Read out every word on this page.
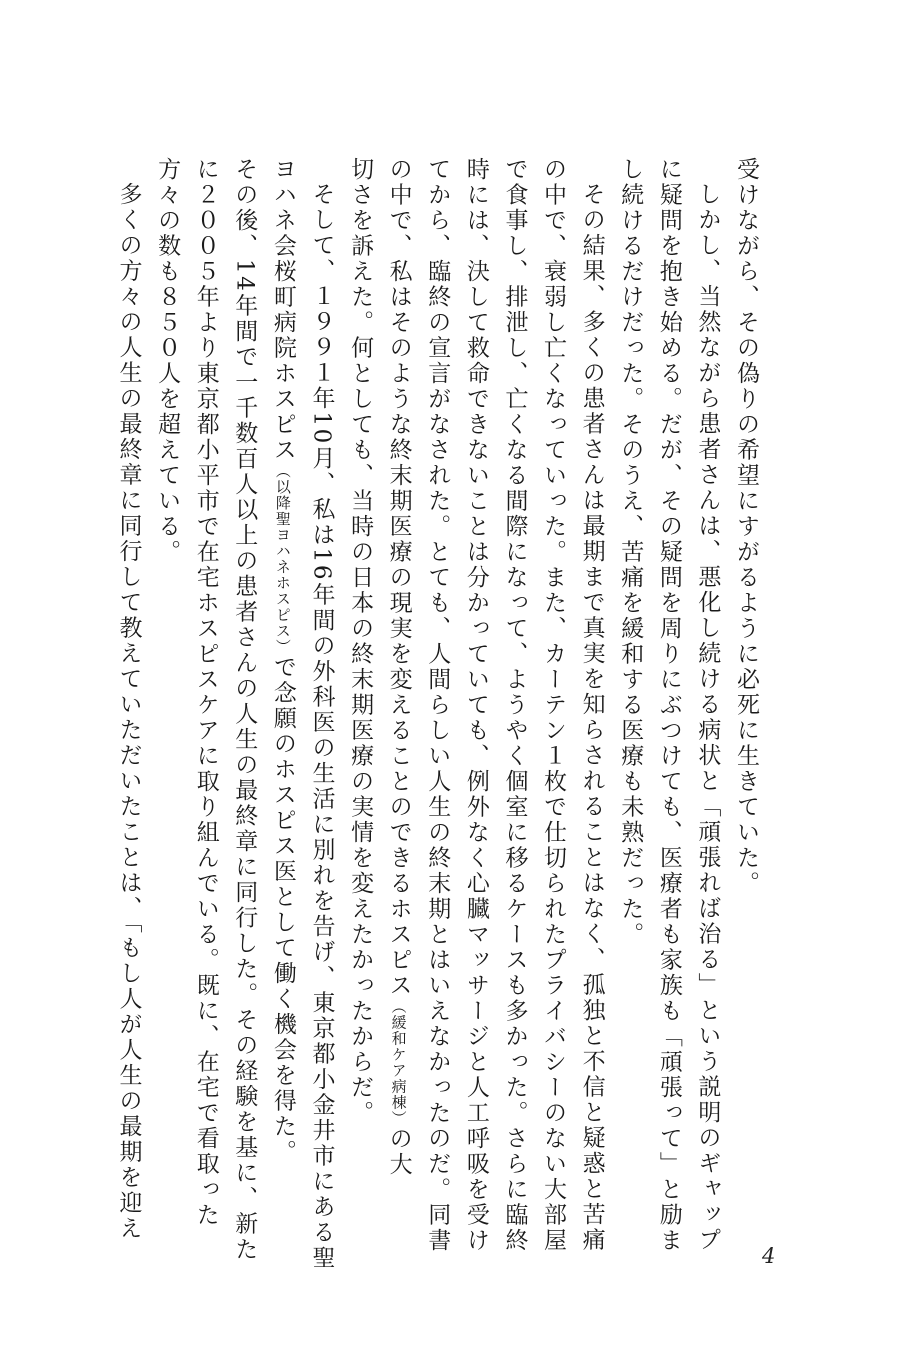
受けながら、その偽りの希望にすがるように必死に生きていた。
しかし、当然ながら患者さんは、悪化し続ける病状と「頑張れば治る」という説明のギャップ
に疑問を抱き始める。だが、その疑問を周りにぶつけても、医療者も家族も「頑張って」と励ま
し続けるだけだった。そのうえ、苦痛を緩和する医療も未熟だった。
その結果、多くの患者さんは最期まで真実を知らされることはなく、孤独と不信と疑惑と苦痛
の中で、衰弱し亡くなっていった。また、カーテン１枚で仕切られたプライバシーのない大部屋
で食事し、排泄し、亡くなる間際になって、ようやく個室に移るケースも多かった。さらに臨終
時には、決して救命できないことは分かっていても、例外なく心臓マッサージと人工呼吸を受け
てから、臨終の宣言がなされた。とても、人間らしい人生の終末期とはいえなかったのだ。同書
の中で、私はそのような終末期医療の現実を変えることのできるホスピス（緩和ケア病棟）の大
切さを訴えた。何としても、当時の日本の終末期医療の実情を変えたかったからだ。
そして、１９９１年10月、私は16年間の外科医の生活に別れを告げ、東京都小金井市にある聖
ヨハネ会桜町病院ホスピス（以降聖ヨハネホスピス）で念願のホスピス医として働く機会を得た。
その後、14年間で一千数百人以上の患者さんの人生の最終章に同行した。その経験を基に、新た
に２００５年より東京都小平市で在宅ホスピスケアに取り組んでいる。既に、在宅で看取った
方々の数も８５０人を超えている。
多くの方々の人生の最終章に同行して教えていただいたことは、「もし人が人生の最期を迎え
4
